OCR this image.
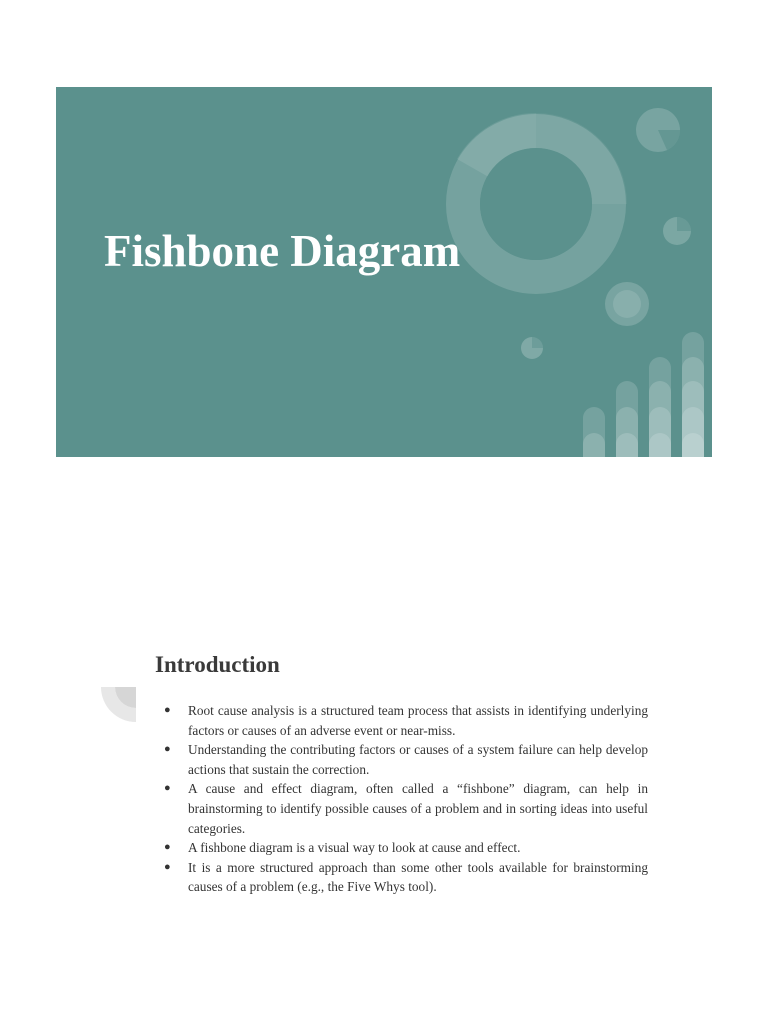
Fishbone Diagram
Introduction
● Root cause analysis is a structured team process that assists in identifying underlying factors or causes of an adverse event or near-miss.
● Understanding the contributing factors or causes of a system failure can help develop actions that sustain the correction.
● A cause and effect diagram, often called a “fishbone” diagram, can help in brainstorming to identify possible causes of a problem and in sorting ideas into useful categories.
● A fishbone diagram is a visual way to look at cause and effect.
● It is a more structured approach than some other tools available for brainstorming causes of a problem (e.g., the Five Whys tool).
